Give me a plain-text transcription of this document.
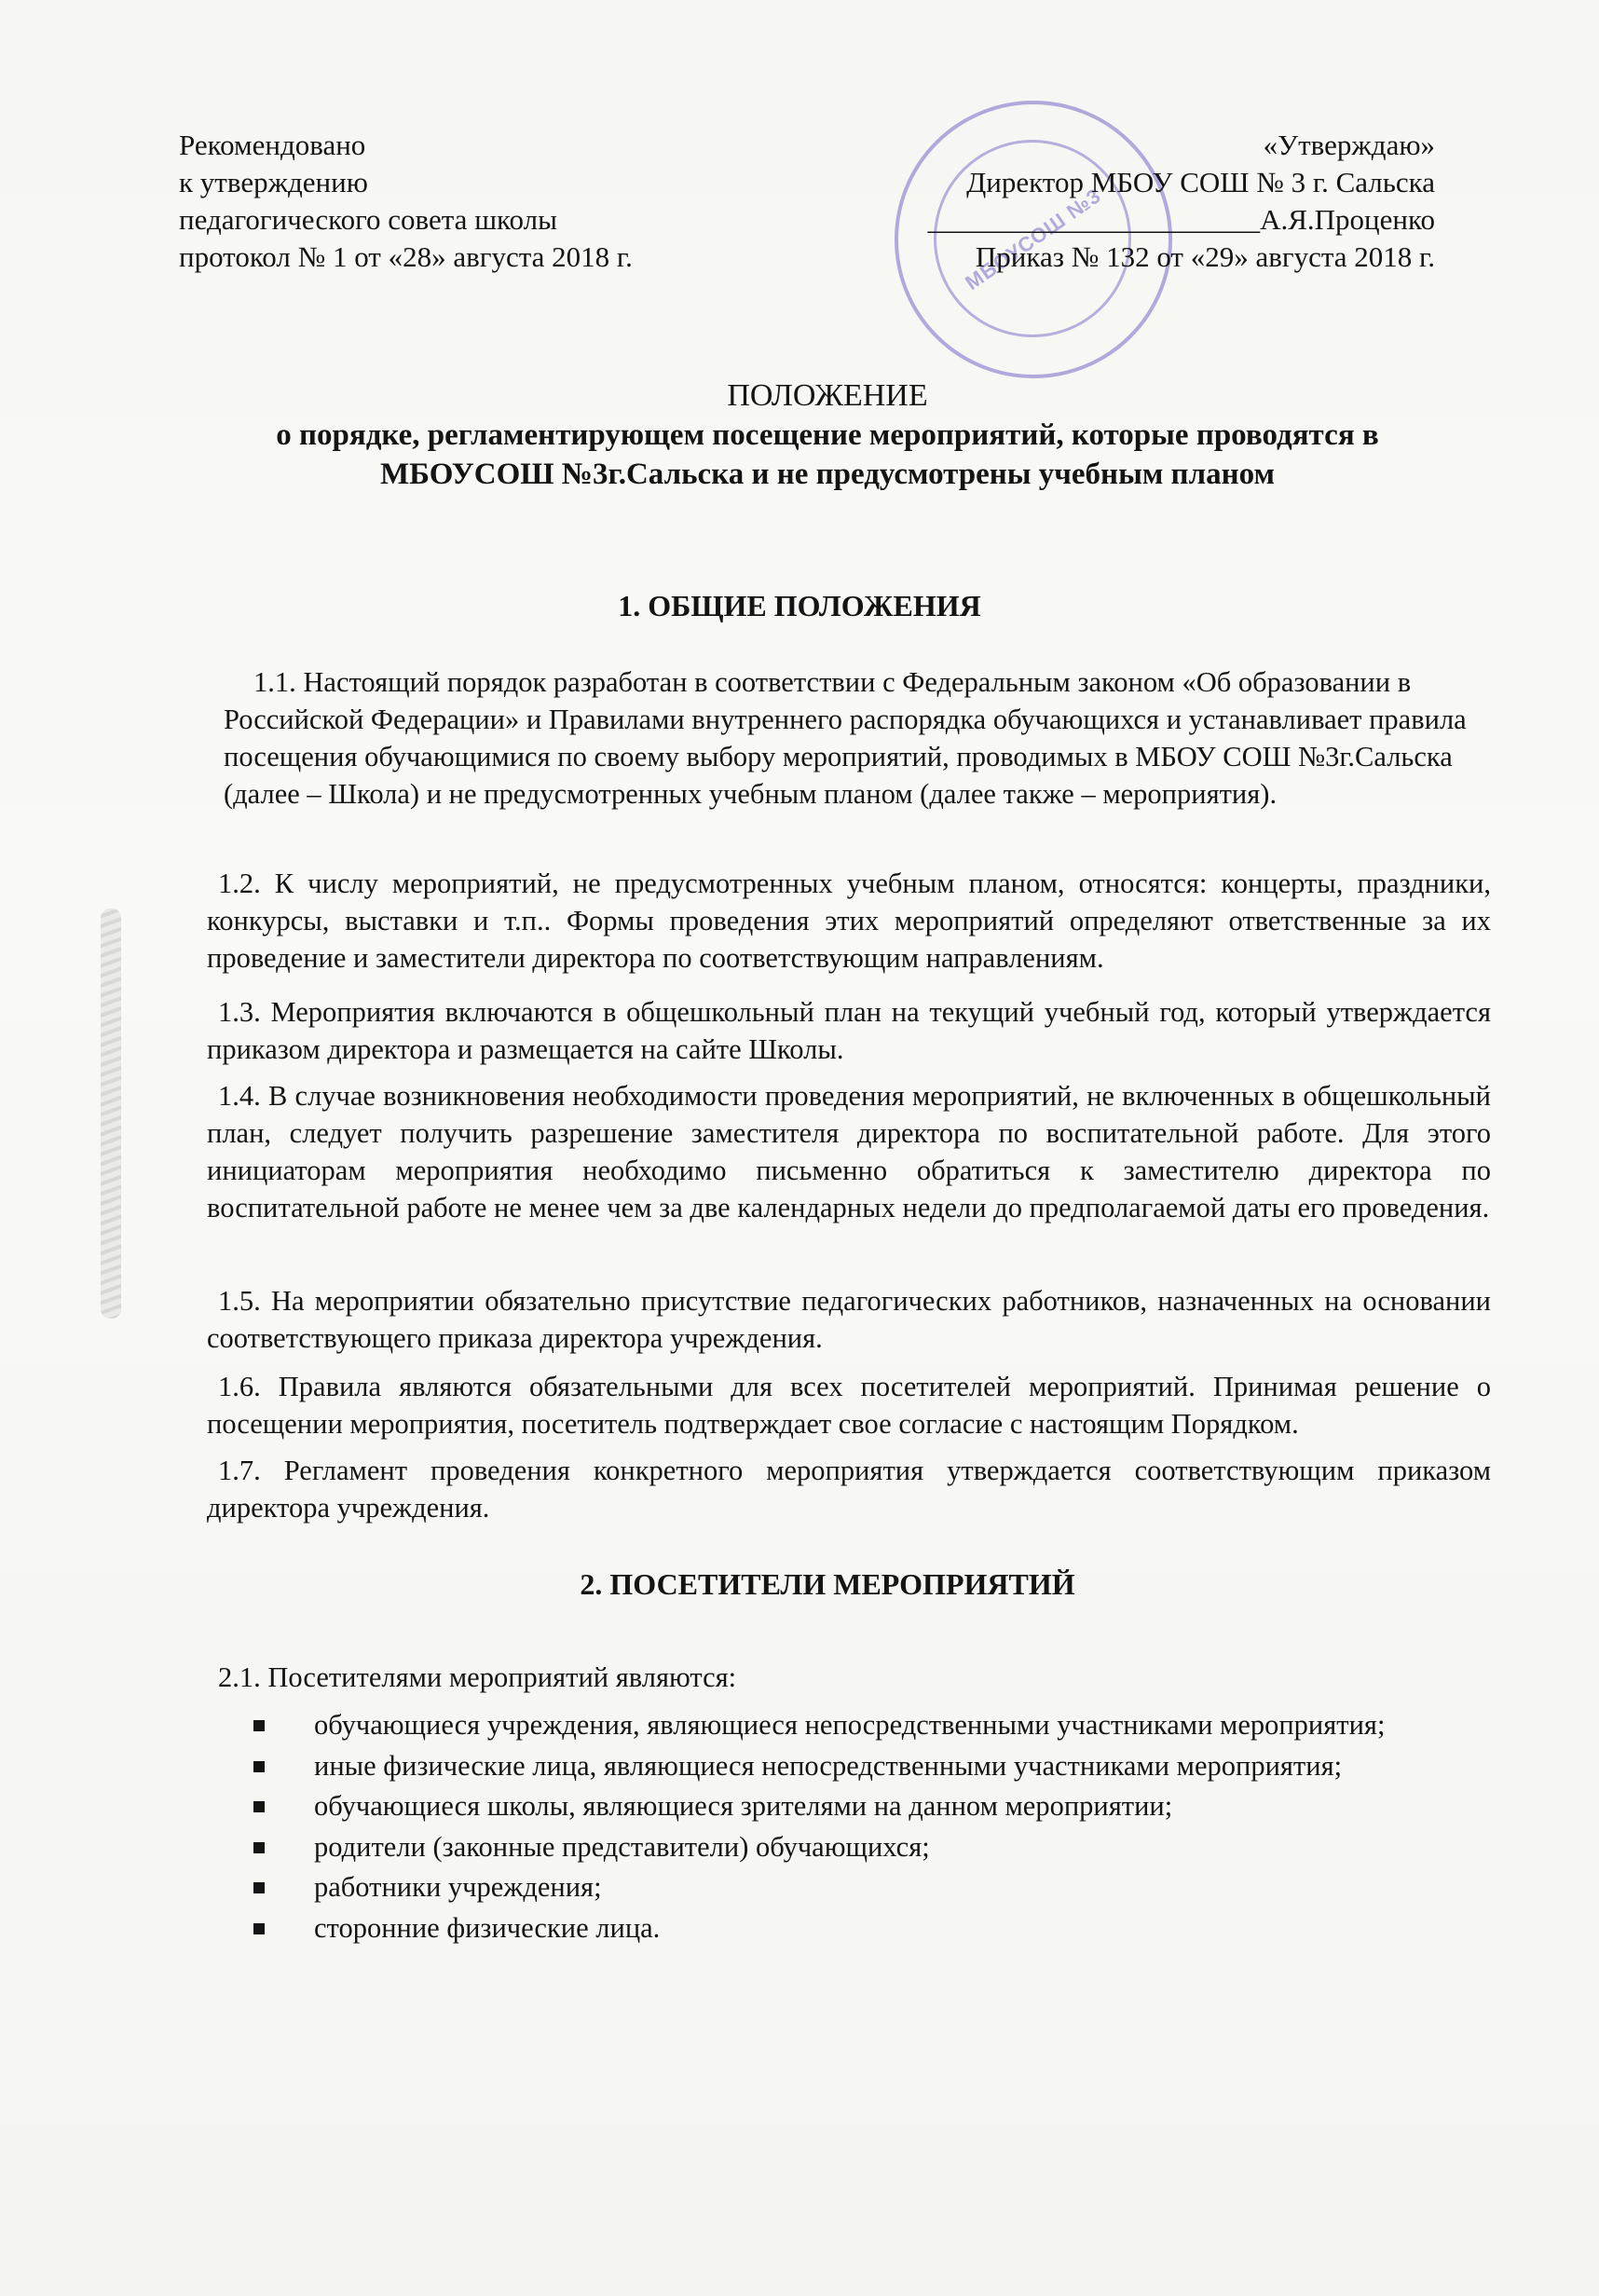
Рекомендовано
к утверждению
педагогического совета школы
протокол № 1 от «28» августа 2018 г.	МБОУСОШ №3
«Утверждаю»
Директор МБОУ СОШ № 3 г. Сальска
_______________________А.Я.Проценко
Приказ № 132 от «29» августа 2018 г.
ПОЛОЖЕНИЕ
о порядке, регламентирующем посещение мероприятий, которые проводятся в МБОУСОШ №3г.Сальска и не предусмотрены учебным планом
1. ОБЩИЕ ПОЛОЖЕНИЯ
1.1. Настоящий порядок разработан в соответствии с Федеральным законом «Об образовании в Российской Федерации» и Правилами внутреннего распорядка обучающихся и устанавливает правила посещения обучающимися по своему выбору мероприятий, проводимых в МБОУ СОШ №3г.Сальска (далее – Школа) и не предусмотренных учебным планом (далее также – мероприятия).
1.2. К числу мероприятий, не предусмотренных учебным планом, относятся: концерты, праздники, конкурсы, выставки и т.п.. Формы проведения этих мероприятий определяют ответственные за их проведение и заместители директора по соответствующим направлениям.
1.3. Мероприятия включаются в общешкольный план на текущий учебный год, который утверждается приказом директора и размещается на сайте Школы.
1.4. В случае возникновения необходимости проведения мероприятий, не включенных в общешкольный план, следует получить разрешение заместителя директора по воспитательной работе. Для этого инициаторам мероприятия необходимо письменно обратиться к заместителю директора по воспитательной работе не менее чем за две календарных недели до предполагаемой даты его проведения.
1.5. На мероприятии обязательно присутствие педагогических работников, назначенных на основании соответствующего приказа директора учреждения.
1.6. Правила являются обязательными для всех посетителей мероприятий. Принимая решение о посещении мероприятия, посетитель подтверждает свое согласие с настоящим Порядком.
1.7. Регламент проведения конкретного мероприятия утверждается соответствующим приказом директора учреждения.
2. ПОСЕТИТЕЛИ МЕРОПРИЯТИЙ
2.1. Посетителями мероприятий являются:
обучающиеся учреждения, являющиеся непосредственными участниками мероприятия;
иные физические лица, являющиеся непосредственными участниками мероприятия;
обучающиеся школы, являющиеся зрителями на данном мероприятии;
родители (законные представители) обучающихся;
работники учреждения;
сторонние физические лица.
